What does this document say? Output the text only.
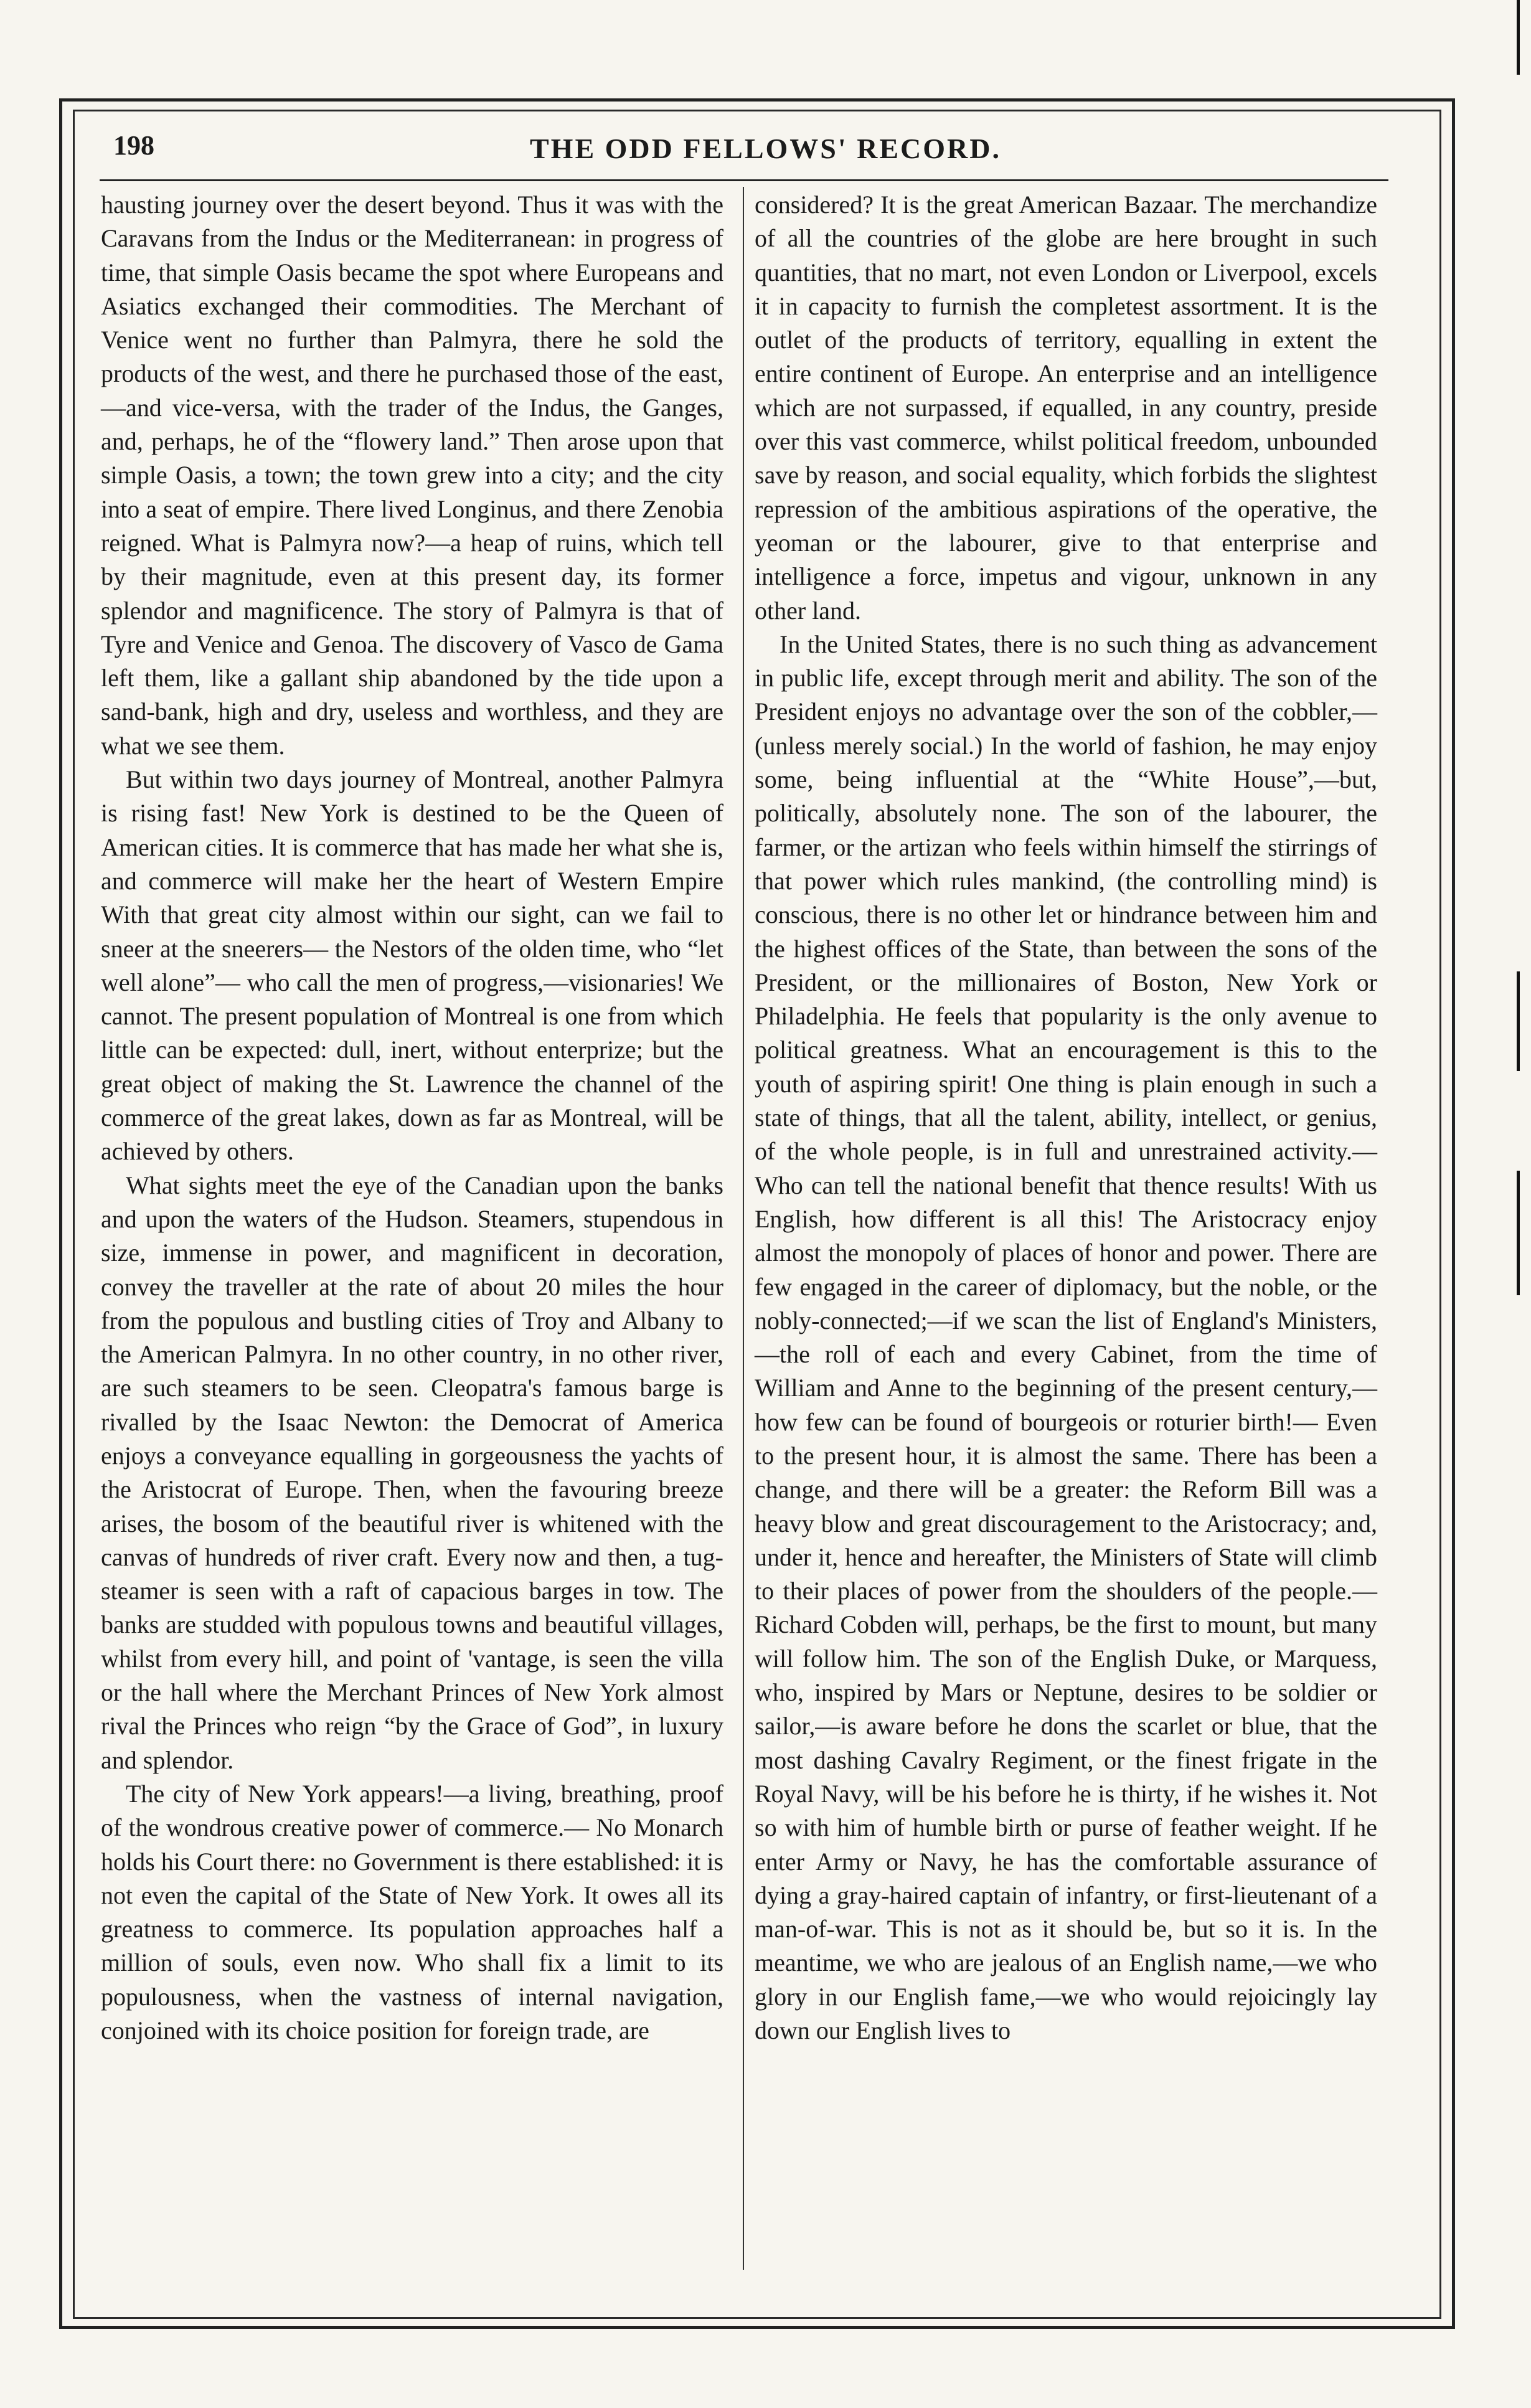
198	THE ODD FELLOWS' RECORD.

hausting journey over the desert beyond. Thus it was with the Caravans from the Indus or the Mediterranean: in progress of time, that simple Oasis became the spot where Europeans and Asiatics exchanged their commodities. The Merchant of Venice went no further than Palmyra, there he sold the products of the west, and there he purchased those of the east,—and vice-versa, with the trader of the Indus, the Ganges, and, perhaps, he of the “flowery land.” Then arose upon that simple Oasis, a town; the town grew into a city; and the city into a seat of empire. There lived Longinus, and there Zenobia reigned. What is Palmyra now?—a heap of ruins, which tell by their magnitude, even at this present day, its former splendor and magnificence. The story of Palmyra is that of Tyre and Venice and Genoa. The discovery of Vasco de Gama left them, like a gallant ship abandoned by the tide upon a sand-bank, high and dry, useless and worthless, and they are what we see them.

But within two days journey of Montreal, another Palmyra is rising fast! New York is destined to be the Queen of American cities. It is commerce that has made her what she is, and commerce will make her the heart of Western Empire With that great city almost within our sight, can we fail to sneer at the sneerers— the Nestors of the olden time, who “let well alone”— who call the men of progress,—visionaries! We cannot. The present population of Montreal is one from which little can be expected: dull, inert, without enterprize; but the great object of making the St. Lawrence the channel of the commerce of the great lakes, down as far as Montreal, will be achieved by others.

What sights meet the eye of the Canadian upon the banks and upon the waters of the Hudson. Steamers, stupendous in size, immense in power, and magnificent in decoration, convey the traveller at the rate of about 20 miles the hour from the populous and bustling cities of Troy and Albany to the American Palmyra. In no other country, in no other river, are such steamers to be seen. Cleopatra's famous barge is rivalled by the Isaac Newton: the Democrat of America enjoys a conveyance equalling in gorgeousness the yachts of the Aristocrat of Europe. Then, when the favouring breeze arises, the bosom of the beautiful river is whitened with the canvas of hundreds of river craft. Every now and then, a tug-steamer is seen with a raft of capacious barges in tow. The banks are studded with populous towns and beautiful villages, whilst from every hill, and point of 'vantage, is seen the villa or the hall where the Merchant Princes of New York almost rival the Princes who reign “by the Grace of God”, in luxury and splendor.

The city of New York appears!—a living, breathing, proof of the wondrous creative power of commerce.— No Monarch holds his Court there: no Government is there established: it is not even the capital of the State of New York. It owes all its greatness to commerce. Its population approaches half a million of souls, even now. Who shall fix a limit to its populousness, when the vastness of internal navigation, conjoined with its choice position for foreign trade, are

considered? It is the great American Bazaar. The merchandize of all the countries of the globe are here brought in such quantities, that no mart, not even London or Liverpool, excels it in capacity to furnish the completest assortment. It is the outlet of the products of territory, equalling in extent the entire continent of Europe. An enterprise and an intelligence which are not surpassed, if equalled, in any country, preside over this vast commerce, whilst political freedom, unbounded save by reason, and social equality, which forbids the slightest repression of the ambitious aspirations of the operative, the yeoman or the labourer, give to that enterprise and intelligence a force, impetus and vigour, unknown in any other land.

In the United States, there is no such thing as advancement in public life, except through merit and ability. The son of the President enjoys no advantage over the son of the cobbler,—(unless merely social.) In the world of fashion, he may enjoy some, being influential at the “White House”,—but, politically, absolutely none. The son of the labourer, the farmer, or the artizan who feels within himself the stirrings of that power which rules mankind, (the controlling mind) is conscious, there is no other let or hindrance between him and the highest offices of the State, than between the sons of the President, or the millionaires of Boston, New York or Philadelphia. He feels that popularity is the only avenue to political greatness. What an encouragement is this to the youth of aspiring spirit! One thing is plain enough in such a state of things, that all the talent, ability, intellect, or genius, of the whole people, is in full and unrestrained activity.— Who can tell the national benefit that thence results! With us English, how different is all this! The Aristocracy enjoy almost the monopoly of places of honor and power. There are few engaged in the career of diplomacy, but the noble, or the nobly-connected;—if we scan the list of England's Ministers,—the roll of each and every Cabinet, from the time of William and Anne to the beginning of the present century,—how few can be found of bourgeois or roturier birth!— Even to the present hour, it is almost the same. There has been a change, and there will be a greater: the Reform Bill was a heavy blow and great discouragement to the Aristocracy; and, under it, hence and hereafter, the Ministers of State will climb to their places of power from the shoulders of the people.— Richard Cobden will, perhaps, be the first to mount, but many will follow him. The son of the English Duke, or Marquess, who, inspired by Mars or Neptune, desires to be soldier or sailor,—is aware before he dons the scarlet or blue, that the most dashing Cavalry Regiment, or the finest frigate in the Royal Navy, will be his before he is thirty, if he wishes it. Not so with him of humble birth or purse of feather weight. If he enter Army or Navy, he has the comfortable assurance of dying a gray-haired captain of infantry, or first-lieutenant of a man-of-war. This is not as it should be, but so it is. In the meantime, we who are jealous of an English name,—we who glory in our English fame,—we who would rejoicingly lay down our English lives to
